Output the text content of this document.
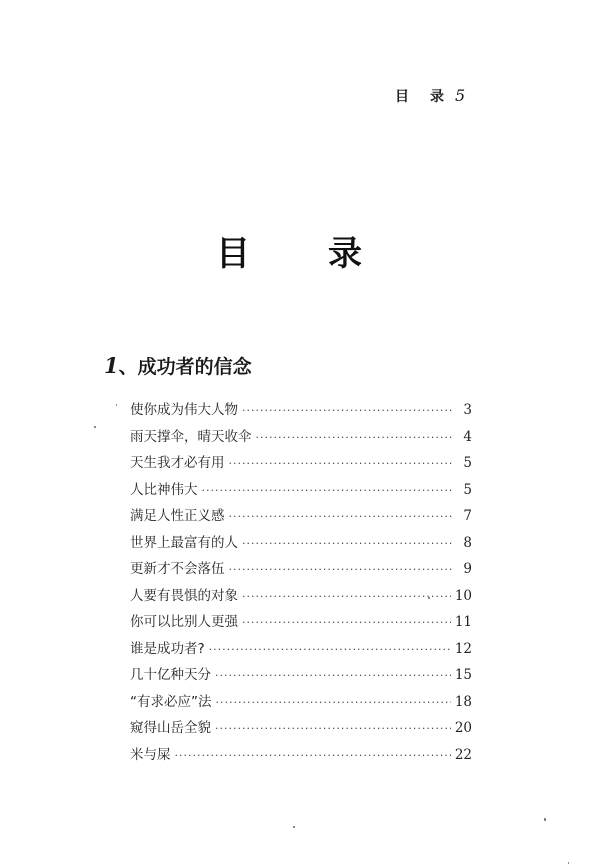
目 录 5
目 录
1、成功者的信念
使你成为伟大人物 ·····	3
雨天撑伞，晴天收伞 ·····	4
天生我才必有用 ·····	5
人比神伟大 ·····	5
满足人性正义感 ·····	7
世界上最富有的人 ·····	8
更新才不会落伍 ·····	9
人要有畏惧的对象 ·····	10
你可以比别人更强 ·····	11
谁是成功者? ·····	12
几十亿种天分 ·····	15
“有求必应”法 ·····	18
窥得山岳全貌 ·····	20
米与屎 ·····	22
